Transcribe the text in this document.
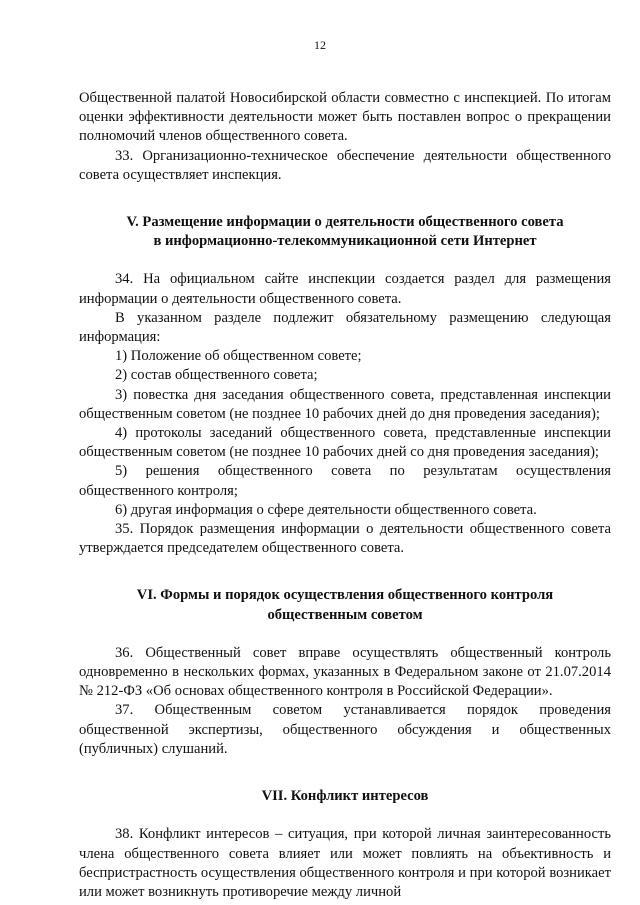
12

Общественной палатой Новосибирской области совместно с инспекцией. По итогам оценки эффективности деятельности может быть поставлен вопрос о прекращении полномочий членов общественного совета.

33. Организационно-техническое обеспечение деятельности общественного совета осуществляет инспекция.

V. Размещение информации о деятельности общественного совета
в информационно-телекоммуникационной сети Интернет

34. На официальном сайте инспекции создается раздел для размещения информации о деятельности общественного совета.

В указанном разделе подлежит обязательному размещению следующая информация:

1) Положение об общественном совете;

2) состав общественного совета;

3) повестка дня заседания общественного совета, представленная инспекции общественным советом (не позднее 10 рабочих дней до дня проведения заседания);

4) протоколы заседаний общественного совета, представленные инспекции общественным советом (не позднее 10 рабочих дней со дня проведения заседания);

5) решения общественного совета по результатам осуществления общественного контроля;

6) другая информация о сфере деятельности общественного совета.

35. Порядок размещения информации о деятельности общественного совета утверждается председателем общественного совета.

VI. Формы и порядок осуществления общественного контроля
общественным советом

36. Общественный совет вправе осуществлять общественный контроль одновременно в нескольких формах, указанных в Федеральном законе от 21.07.2014 № 212-ФЗ «Об основах общественного контроля в Российской Федерации».

37. Общественным советом устанавливается порядок проведения общественной экспертизы, общественного обсуждения и общественных (публичных) слушаний.

VII. Конфликт интересов

38. Конфликт интересов – ситуация, при которой личная заинтересованность члена общественного совета влияет или может повлиять на объективность и беспристрастность осуществления общественного контроля и при которой возникает или может возникнуть противоречие между личной
